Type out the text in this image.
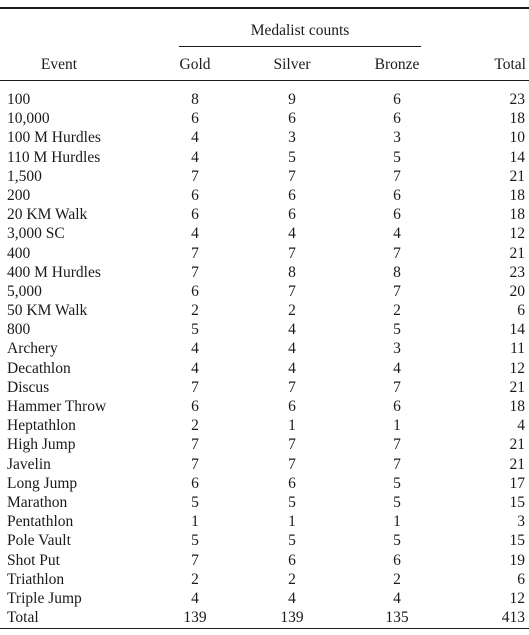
Medalist counts
Event	Gold	Silver	Bronze	Total
100	8	9	6	23
10,000	6	6	6	18
100 M Hurdles	4	3	3	10
110 M Hurdles	4	5	5	14
1,500	7	7	7	21
200	6	6	6	18
20 KM Walk	6	6	6	18
3,000 SC	4	4	4	12
400	7	7	7	21
400 M Hurdles	7	8	8	23
5,000	6	7	7	20
50 KM Walk	2	2	2	6
800	5	4	5	14
Archery	4	4	3	11
Decathlon	4	4	4	12
Discus	7	7	7	21
Hammer Throw	6	6	6	18
Heptathlon	2	1	1	4
High Jump	7	7	7	21
Javelin	7	7	7	21
Long Jump	6	6	5	17
Marathon	5	5	5	15
Pentathlon	1	1	1	3
Pole Vault	5	5	5	15
Shot Put	7	6	6	19
Triathlon	2	2	2	6
Triple Jump	4	4	4	12
Total	139	139	135	413
